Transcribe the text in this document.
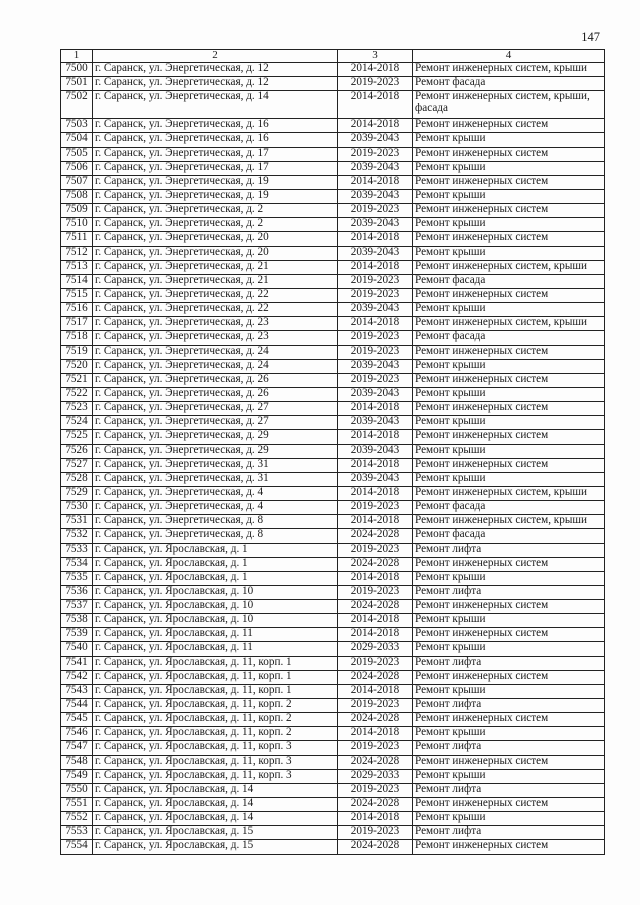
147
1	2	3	4
7500	г. Саранск, ул. Энергетическая, д. 12	2014-2018	Ремонт инженерных систем, крыши
7501	г. Саранск, ул. Энергетическая, д. 12	2019-2023	Ремонт фасада
7502	г. Саранск, ул. Энергетическая, д. 14	2014-2018	Ремонт инженерных систем, крыши, фасада
7503	г. Саранск, ул. Энергетическая, д. 16	2014-2018	Ремонт инженерных систем
7504	г. Саранск, ул. Энергетическая, д. 16	2039-2043	Ремонт крыши
7505	г. Саранск, ул. Энергетическая, д. 17	2019-2023	Ремонт инженерных систем
7506	г. Саранск, ул. Энергетическая, д. 17	2039-2043	Ремонт крыши
7507	г. Саранск, ул. Энергетическая, д. 19	2014-2018	Ремонт инженерных систем
7508	г. Саранск, ул. Энергетическая, д. 19	2039-2043	Ремонт крыши
7509	г. Саранск, ул. Энергетическая, д. 2	2019-2023	Ремонт инженерных систем
7510	г. Саранск, ул. Энергетическая, д. 2	2039-2043	Ремонт крыши
7511	г. Саранск, ул. Энергетическая, д. 20	2014-2018	Ремонт инженерных систем
7512	г. Саранск, ул. Энергетическая, д. 20	2039-2043	Ремонт крыши
7513	г. Саранск, ул. Энергетическая, д. 21	2014-2018	Ремонт инженерных систем, крыши
7514	г. Саранск, ул. Энергетическая, д. 21	2019-2023	Ремонт фасада
7515	г. Саранск, ул. Энергетическая, д. 22	2019-2023	Ремонт инженерных систем
7516	г. Саранск, ул. Энергетическая, д. 22	2039-2043	Ремонт крыши
7517	г. Саранск, ул. Энергетическая, д. 23	2014-2018	Ремонт инженерных систем, крыши
7518	г. Саранск, ул. Энергетическая, д. 23	2019-2023	Ремонт фасада
7519	г. Саранск, ул. Энергетическая, д. 24	2019-2023	Ремонт инженерных систем
7520	г. Саранск, ул. Энергетическая, д. 24	2039-2043	Ремонт крыши
7521	г. Саранск, ул. Энергетическая, д. 26	2019-2023	Ремонт инженерных систем
7522	г. Саранск, ул. Энергетическая, д. 26	2039-2043	Ремонт крыши
7523	г. Саранск, ул. Энергетическая, д. 27	2014-2018	Ремонт инженерных систем
7524	г. Саранск, ул. Энергетическая, д. 27	2039-2043	Ремонт крыши
7525	г. Саранск, ул. Энергетическая, д. 29	2014-2018	Ремонт инженерных систем
7526	г. Саранск, ул. Энергетическая, д. 29	2039-2043	Ремонт крыши
7527	г. Саранск, ул. Энергетическая, д. 31	2014-2018	Ремонт инженерных систем
7528	г. Саранск, ул. Энергетическая, д. 31	2039-2043	Ремонт крыши
7529	г. Саранск, ул. Энергетическая, д. 4	2014-2018	Ремонт инженерных систем, крыши
7530	г. Саранск, ул. Энергетическая, д. 4	2019-2023	Ремонт фасада
7531	г. Саранск, ул. Энергетическая, д. 8	2014-2018	Ремонт инженерных систем, крыши
7532	г. Саранск, ул. Энергетическая, д. 8	2024-2028	Ремонт фасада
7533	г. Саранск, ул. Ярославская, д. 1	2019-2023	Ремонт лифта
7534	г. Саранск, ул. Ярославская, д. 1	2024-2028	Ремонт инженерных систем
7535	г. Саранск, ул. Ярославская, д. 1	2014-2018	Ремонт крыши
7536	г. Саранск, ул. Ярославская, д. 10	2019-2023	Ремонт лифта
7537	г. Саранск, ул. Ярославская, д. 10	2024-2028	Ремонт инженерных систем
7538	г. Саранск, ул. Ярославская, д. 10	2014-2018	Ремонт крыши
7539	г. Саранск, ул. Ярославская, д. 11	2014-2018	Ремонт инженерных систем
7540	г. Саранск, ул. Ярославская, д. 11	2029-2033	Ремонт крыши
7541	г. Саранск, ул. Ярославская, д. 11, корп. 1	2019-2023	Ремонт лифта
7542	г. Саранск, ул. Ярославская, д. 11, корп. 1	2024-2028	Ремонт инженерных систем
7543	г. Саранск, ул. Ярославская, д. 11, корп. 1	2014-2018	Ремонт крыши
7544	г. Саранск, ул. Ярославская, д. 11, корп. 2	2019-2023	Ремонт лифта
7545	г. Саранск, ул. Ярославская, д. 11, корп. 2	2024-2028	Ремонт инженерных систем
7546	г. Саранск, ул. Ярославская, д. 11, корп. 2	2014-2018	Ремонт крыши
7547	г. Саранск, ул. Ярославская, д. 11, корп. 3	2019-2023	Ремонт лифта
7548	г. Саранск, ул. Ярославская, д. 11, корп. 3	2024-2028	Ремонт инженерных систем
7549	г. Саранск, ул. Ярославская, д. 11, корп. 3	2029-2033	Ремонт крыши
7550	г. Саранск, ул. Ярославская, д. 14	2019-2023	Ремонт лифта
7551	г. Саранск, ул. Ярославская, д. 14	2024-2028	Ремонт инженерных систем
7552	г. Саранск, ул. Ярославская, д. 14	2014-2018	Ремонт крыши
7553	г. Саранск, ул. Ярославская, д. 15	2019-2023	Ремонт лифта
7554	г. Саранск, ул. Ярославская, д. 15	2024-2028	Ремонт инженерных систем
